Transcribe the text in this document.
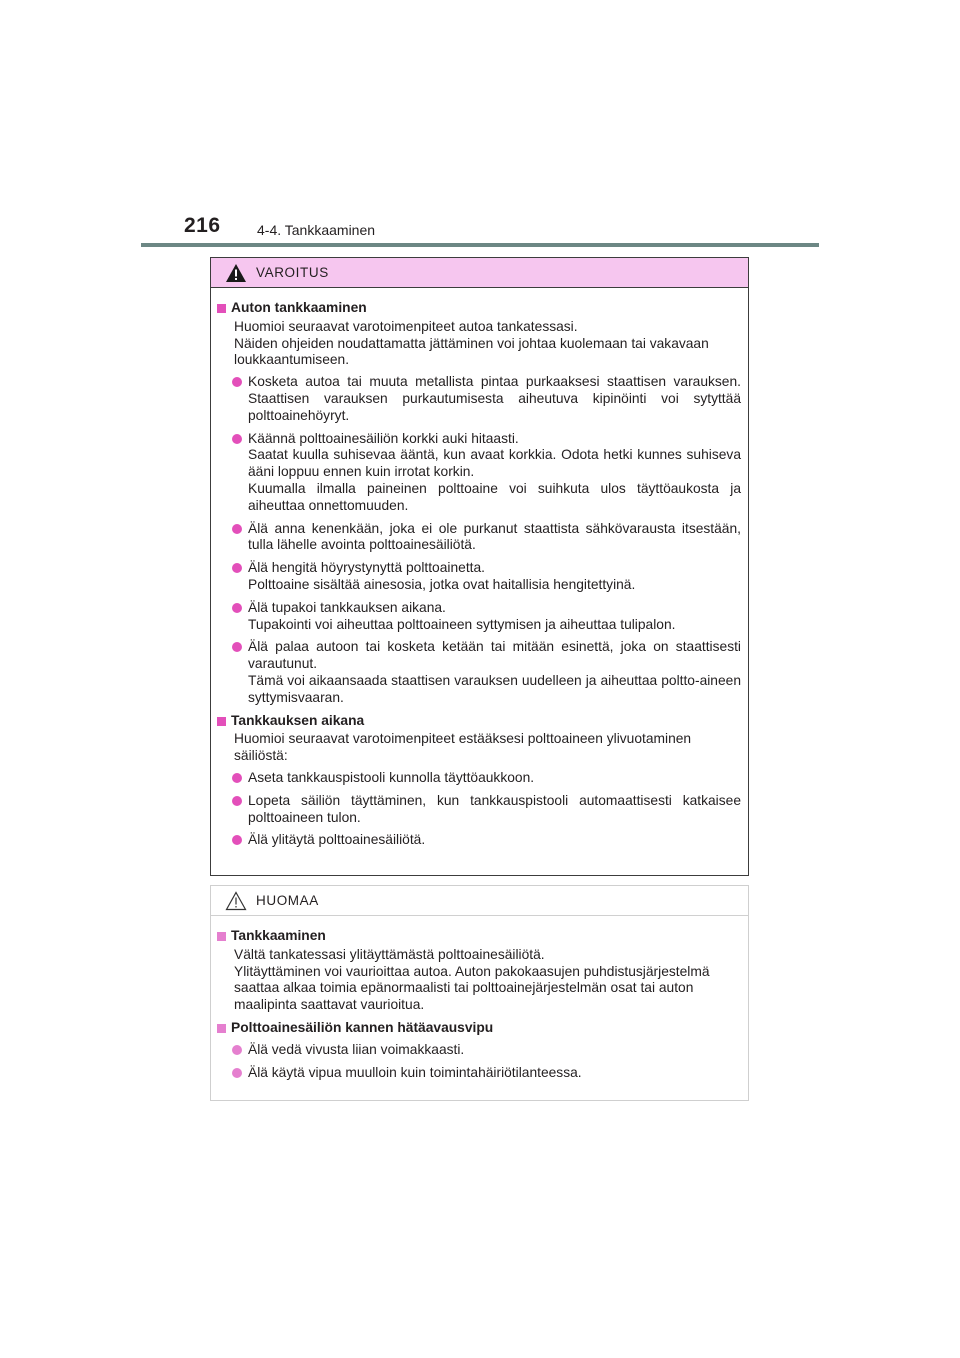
216	4-4. Tankkaaminen
VAROITUS
Auton tankkaaminen

Huomioi seuraavat varotoimenpiteet autoa tankatessasi.

Näiden ohjeiden noudattamatta jättäminen voi johtaa kuolemaan tai vakavaan loukkaantumiseen.

Kosketa autoa tai muuta metallista pintaa purkaaksesi staattisen varauksen. Staattisen varauksen purkautumisesta aiheutuva kipinöinti voi sytyttää polttoainehöyryt.

Käännä polttoainesäiliön korkki auki hitaasti.

Saatat kuulla suhisevaa ääntä, kun avaat korkkia. Odota hetki kunnes suhiseva ääni loppuu ennen kuin irrotat korkin.

Kuumalla ilmalla paineinen polttoaine voi suihkuta ulos täyttöaukosta ja aiheuttaa onnettomuuden.

Älä anna kenenkään, joka ei ole purkanut staattista sähkövarausta itsestään, tulla lähelle avointa polttoainesäiliötä.

Älä hengitä höyrystynyttä polttoainetta.

Polttoaine sisältää ainesosia, jotka ovat haitallisia hengitettyinä.

Älä tupakoi tankkauksen aikana.

Tupakointi voi aiheuttaa polttoaineen syttymisen ja aiheuttaa tulipalon.

Älä palaa autoon tai kosketa ketään tai mitään esinettä, joka on staattisesti varautunut.

Tämä voi aikaansaada staattisen varauksen uudelleen ja aiheuttaa poltto-aineen syttymisvaaran.

Tankkauksen aikana

Huomioi seuraavat varotoimenpiteet estääksesi polttoaineen ylivuotaminen säiliöstä:

Aseta tankkauspistooli kunnolla täyttöaukkoon.

Lopeta säiliön täyttäminen, kun tankkauspistooli automaattisesti katkaisee polttoaineen tulon.

Älä ylitäytä polttoainesäiliötä.

HUOMAA
Tankkaaminen

Vältä tankatessasi ylitäyttämästä polttoainesäiliötä.

Ylitäyttäminen voi vaurioittaa autoa. Auton pakokaasujen puhdistusjärjestelmä saattaa alkaa toimia epänormaalisti tai polttoainejärjestelmän osat tai auton maalipinta saattavat vaurioitua.

Polttoainesäiliön kannen hätäavausvipu

Älä vedä vivusta liian voimakkaasti.

Älä käytä vipua muulloin kuin toimintahäiriötilanteessa.
